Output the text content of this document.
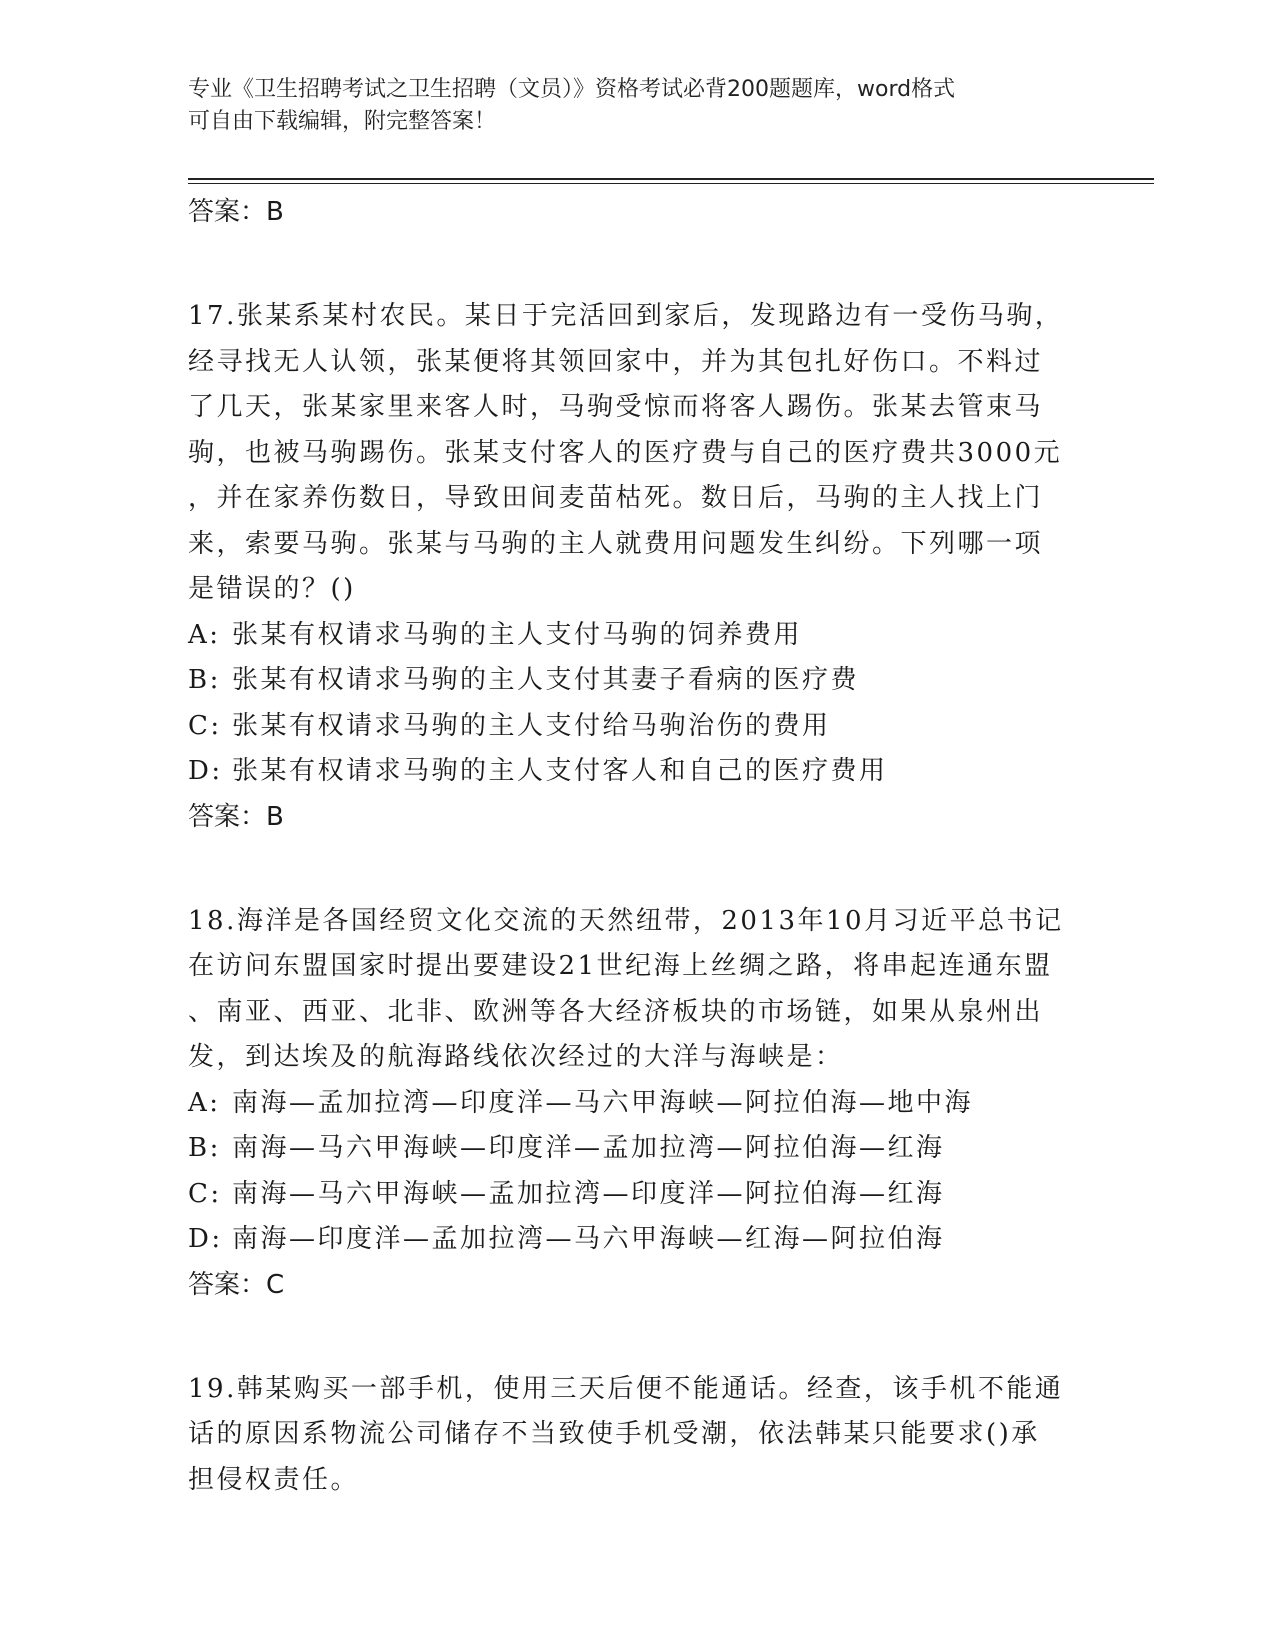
专业《卫生招聘考试之卫生招聘（文员）》资格考试必背200题题库，word格式
可自由下载编辑，附完整答案！
答案：B

17.张某系某村农民。某日于完活回到家后，发现路边有一受伤马驹，

经寻找无人认领，张某便将其领回家中，并为其包扎好伤口。不料过

了几天，张某家里来客人时，马驹受惊而将客人踢伤。张某去管束马

驹，也被马驹踢伤。张某支付客人的医疗费与自己的医疗费共3000元

，并在家养伤数日，导致田间麦苗枯死。数日后，马驹的主人找上门

来，索要马驹。张某与马驹的主人就费用问题发生纠纷。下列哪一项

是错误的？()

A: 张某有权请求马驹的主人支付马驹的饲养费用
B: 张某有权请求马驹的主人支付其妻子看病的医疗费
C: 张某有权请求马驹的主人支付给马驹治伤的费用
D: 张某有权请求马驹的主人支付客人和自己的医疗费用
答案：B

18.海洋是各国经贸文化交流的天然纽带，2013年10月习近平总书记

在访问东盟国家时提出要建设21世纪海上丝绸之路，将串起连通东盟

、南亚、西亚、北非、欧洲等各大经济板块的市场链，如果从泉州出

发，到达埃及的航海路线依次经过的大洋与海峡是：

A: 南海—孟加拉湾—印度洋—马六甲海峡—阿拉伯海—地中海
B: 南海—马六甲海峡—印度洋—孟加拉湾—阿拉伯海—红海
C: 南海—马六甲海峡—孟加拉湾—印度洋—阿拉伯海—红海
D: 南海—印度洋—孟加拉湾—马六甲海峡—红海—阿拉伯海
答案：C

19.韩某购买一部手机，使用三天后便不能通话。经查，该手机不能通

话的原因系物流公司储存不当致使手机受潮，依法韩某只能要求()承

担侵权责任。
